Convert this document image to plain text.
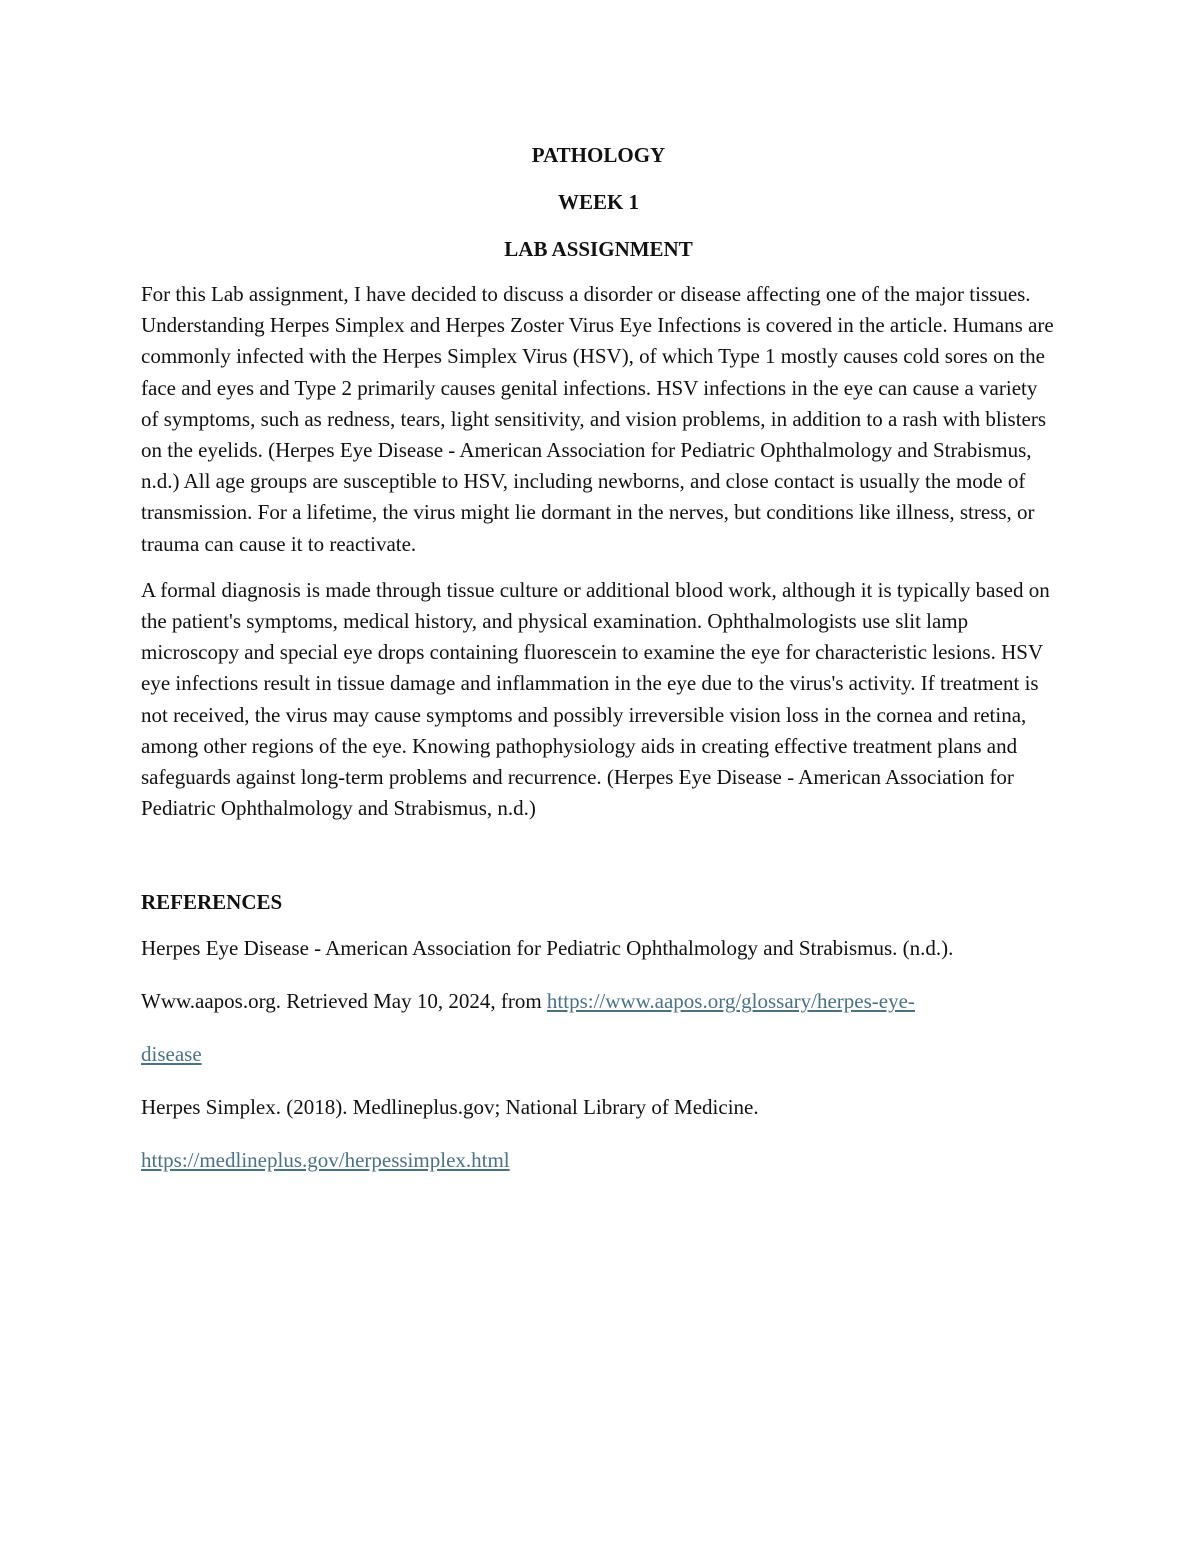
PATHOLOGY
WEEK 1
LAB ASSIGNMENT

For this Lab assignment, I have decided to discuss a disorder or disease affecting one of the major tissues. Understanding Herpes Simplex and Herpes Zoster Virus Eye Infections is covered in the article. Humans are commonly infected with the Herpes Simplex Virus (HSV), of which Type 1 mostly causes cold sores on the face and eyes and Type 2 primarily causes genital infections. HSV infections in the eye can cause a variety of symptoms, such as redness, tears, light sensitivity, and vision problems, in addition to a rash with blisters on the eyelids. (Herpes Eye Disease - American Association for Pediatric Ophthalmology and Strabismus, n.d.) All age groups are susceptible to HSV, including newborns, and close contact is usually the mode of transmission. For a lifetime, the virus might lie dormant in the nerves, but conditions like illness, stress, or trauma can cause it to reactivate.

A formal diagnosis is made through tissue culture or additional blood work, although it is typically based on the patient's symptoms, medical history, and physical examination. Ophthalmologists use slit lamp microscopy and special eye drops containing fluorescein to examine the eye for characteristic lesions. HSV eye infections result in tissue damage and inflammation in the eye due to the virus's activity. If treatment is not received, the virus may cause symptoms and possibly irreversible vision loss in the cornea and retina, among other regions of the eye. Knowing pathophysiology aids in creating effective treatment plans and safeguards against long-term problems and recurrence. (Herpes Eye Disease - American Association for Pediatric Ophthalmology and Strabismus, n.d.)

REFERENCES
Herpes Eye Disease - American Association for Pediatric Ophthalmology and Strabismus. (n.d.).
Www.aapos.org. Retrieved May 10, 2024, from https://www.aapos.org/glossary/herpes-eye-
disease
Herpes Simplex. (2018). Medlineplus.gov; National Library of Medicine.
https://medlineplus.gov/herpessimplex.html
